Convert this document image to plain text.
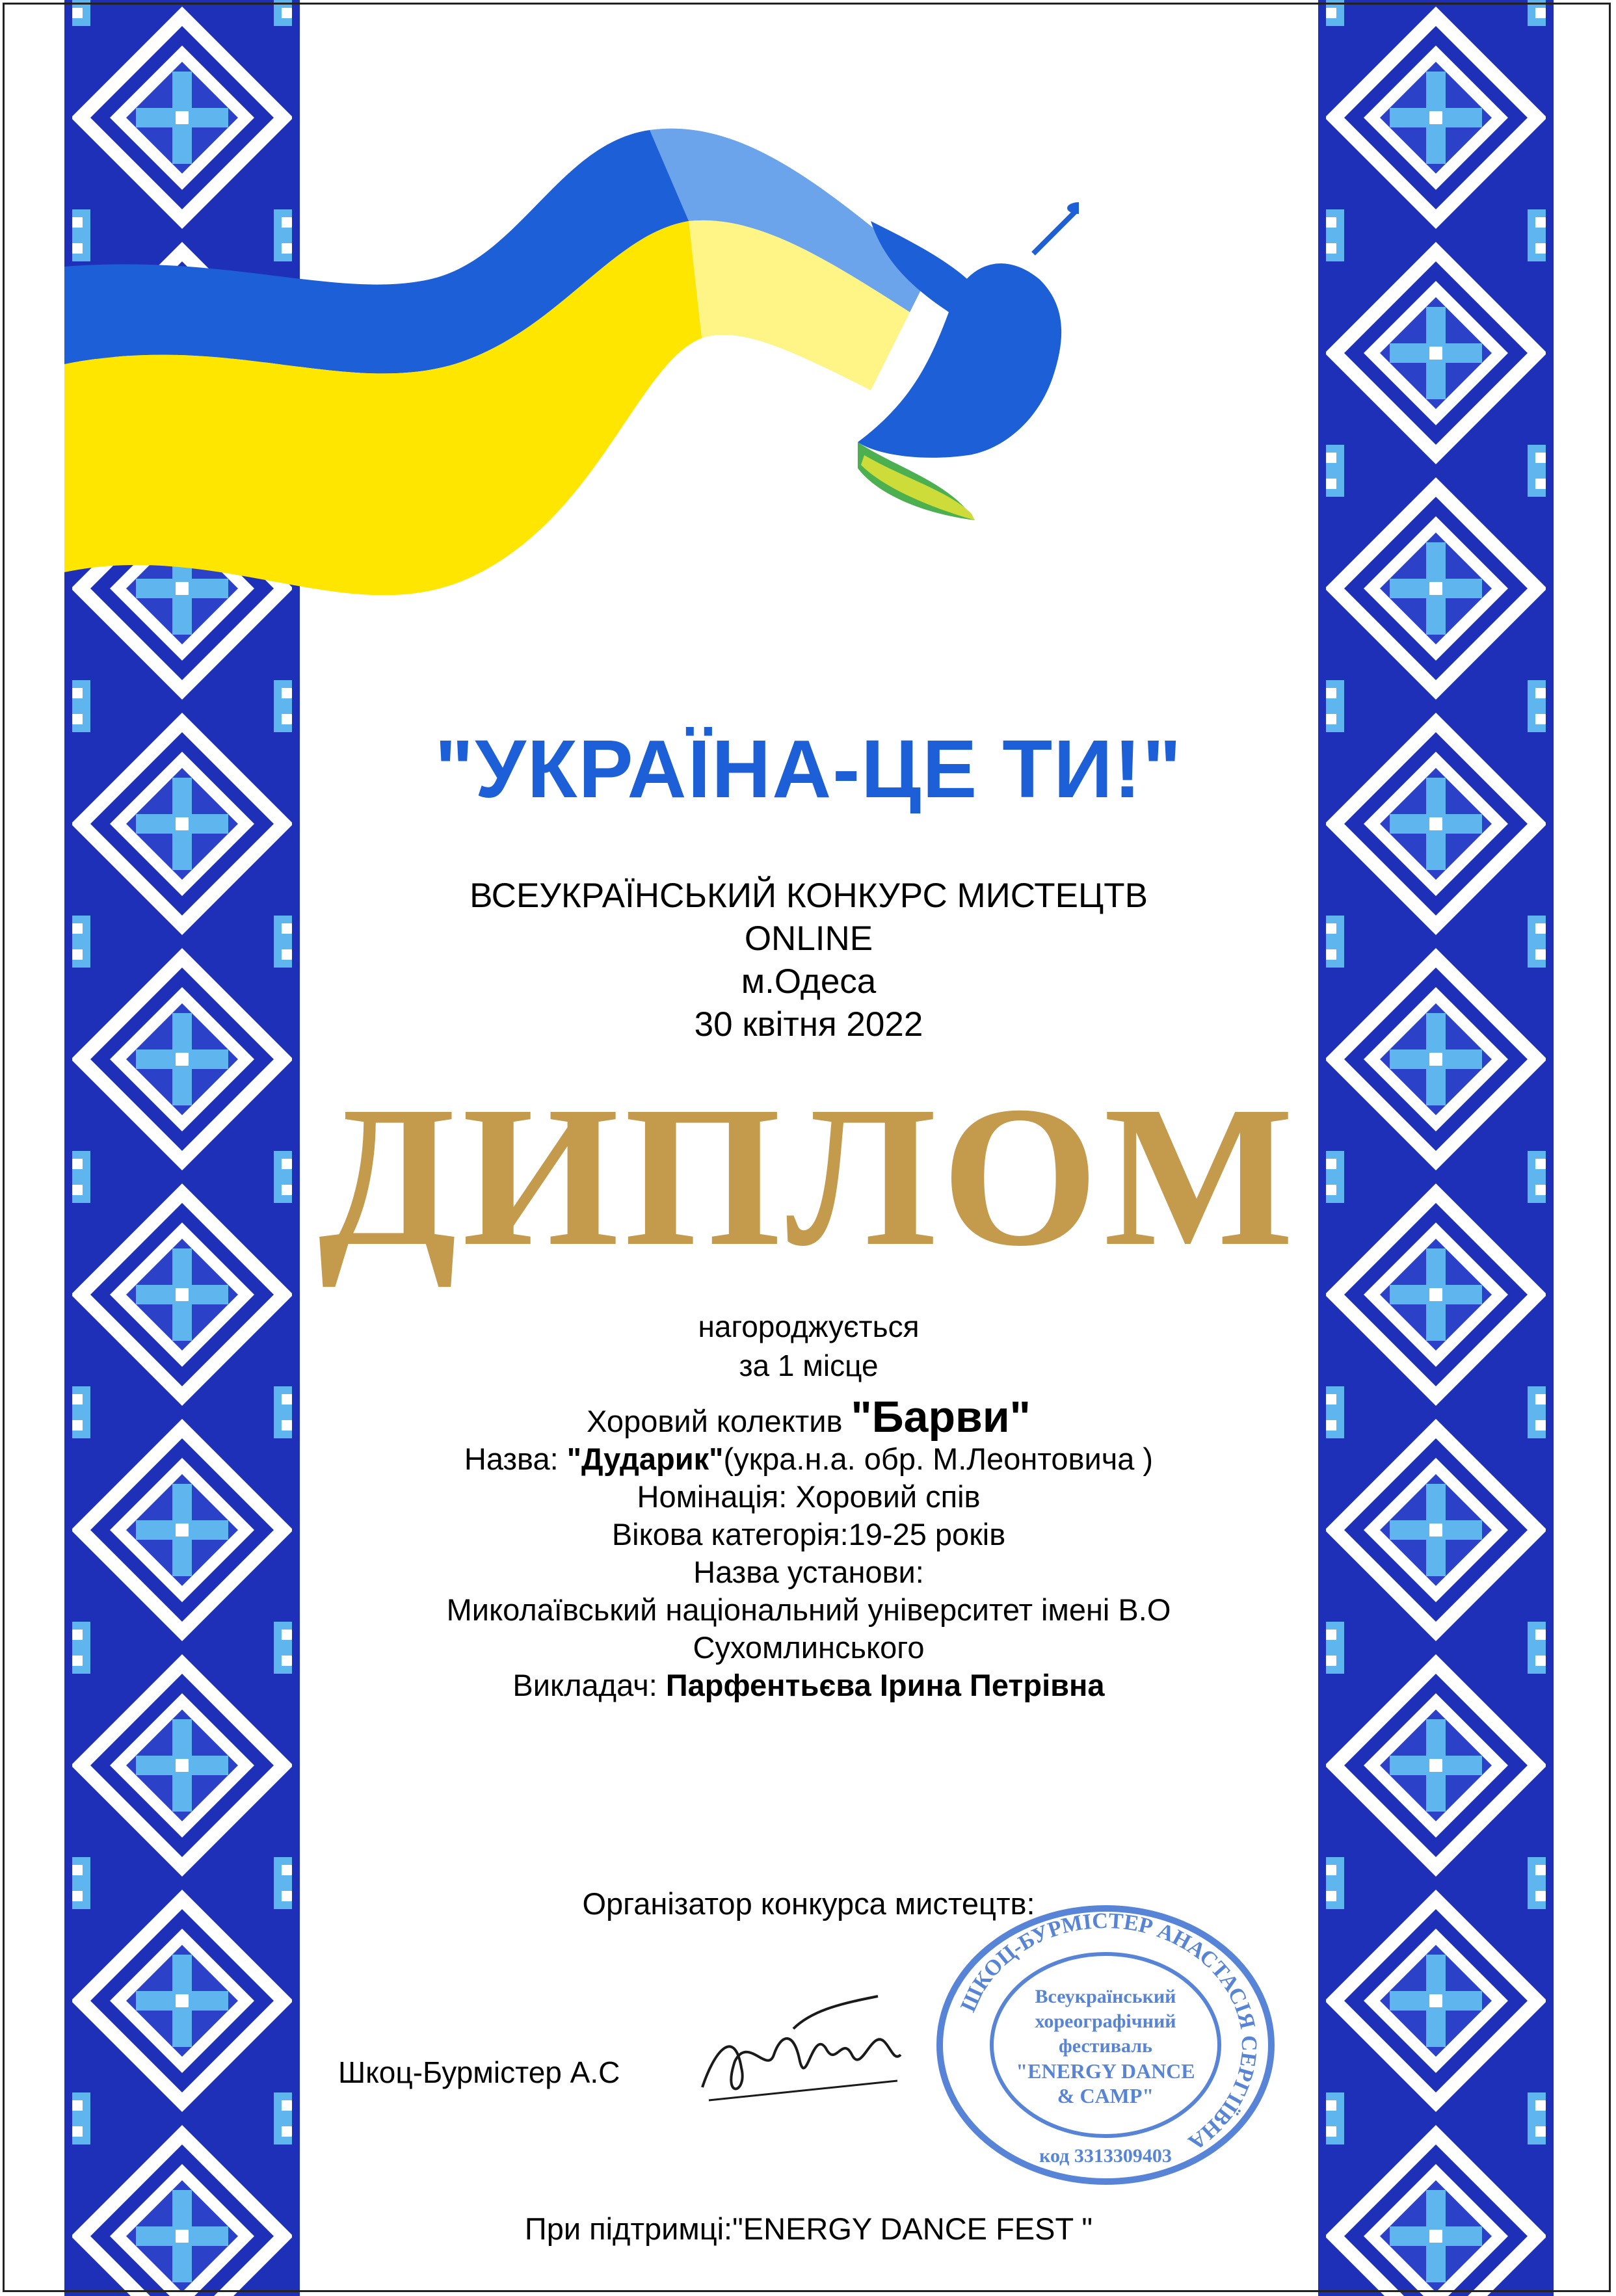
"УКРАЇНА-ЦЕ ТИ!"
ВСЕУКРАЇНСЬКИЙ КОНКУРС МИСТЕЦТВ
ONLINE
м.Одеса
30 квітня 2022
ДИПЛОМ
нагороджується
за 1 місце
Хоровий колектив "Барви"
Назва: "Дударик"(укра.н.а. обр. М.Леонтовича )
Номінація: Хоровий спів
Вікова категорія:19-25 років
Назва установи:
Миколаївський національний університет імені В.О
Сухомлинського
Викладач: Парфентьєва Ірина Петрівна
Організатор конкурса мистецтв:
Шкоц-Бурмістер А.С
ШКОЦ-БУРМІСТЕР АНАСТАСІЯ СЕРГІЇВНА
Всеукраїнський
хореографічний
фестиваль
"ENERGY DANCE
& CAMP"
код 3313309403
При підтримці:"ENERGY DANCE FEST "
